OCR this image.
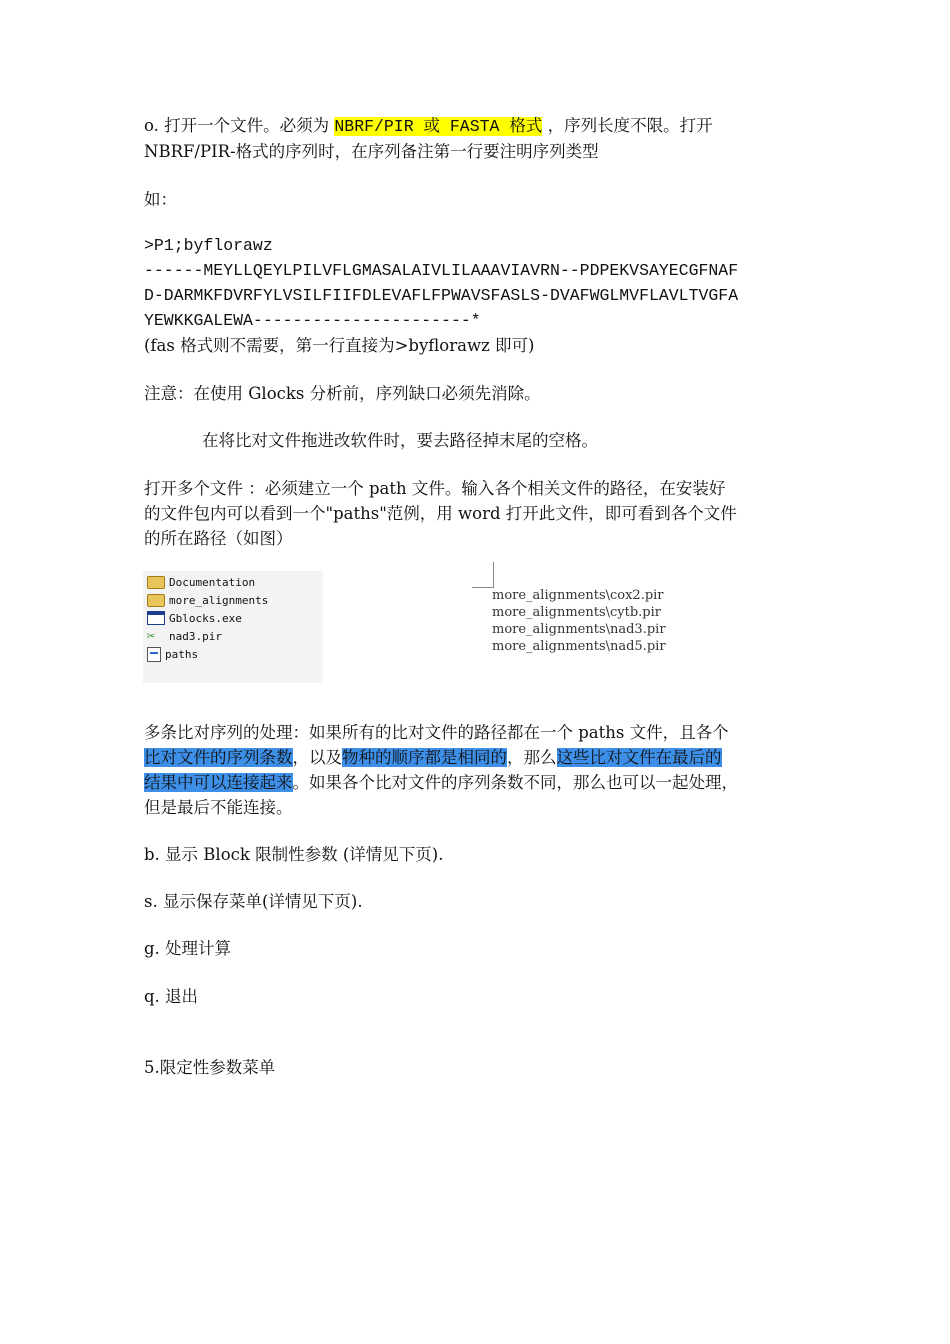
o. 打开一个文件。必须为 NBRF/PIR 或 FASTA 格式 ，序列长度不限。打开
NBRF/PIR-格式的序列时，在序列备注第一行要注明序列类型
如：
>P1;byflorawz
------MEYLLQEYLPILVFLGMASALAIVLILAAAVIAVRN--PDPEKVSAYECGFNAF
D-DARMKFDVRFYLVSILFIIFDLEVAFLFPWAVSFASLS-DVAFWGLMVFLAVLTVGFA
YEWKKGALEWA----------------------*
(fas 格式则不需要，第一行直接为>byflorawz 即可)
注意：在使用 Glocks 分析前，序列缺口必须先消除。
在将比对文件拖进改软件时，要去路径掉末尾的空格。
打开多个文件 ：必须建立一个 path 文件。输入各个相关文件的路径，在安装好
的文件包内可以看到一个"paths"范例，用 word 打开此文件，即可看到各个文件
的所在路径（如图）
Documentation
more_alignments
Gblocks.exe
✂	nad3.pir
paths
more_alignments\cox2.pir
more_alignments\cytb.pir
more_alignments\nad3.pir
more_alignments\nad5.pir
多条比对序列的处理：如果所有的比对文件的路径都在一个 paths 文件，且各个
比对文件的序列条数，以及物种的顺序都是相同的，那么这些比对文件在最后的
结果中可以连接起来。如果各个比对文件的序列条数不同，那么也可以一起处理，
但是最后不能连接。
b. 显示 Block 限制性参数 (详情见下页).
s. 显示保存菜单(详情见下页).
g. 处理计算
q. 退出
5.限定性参数菜单
